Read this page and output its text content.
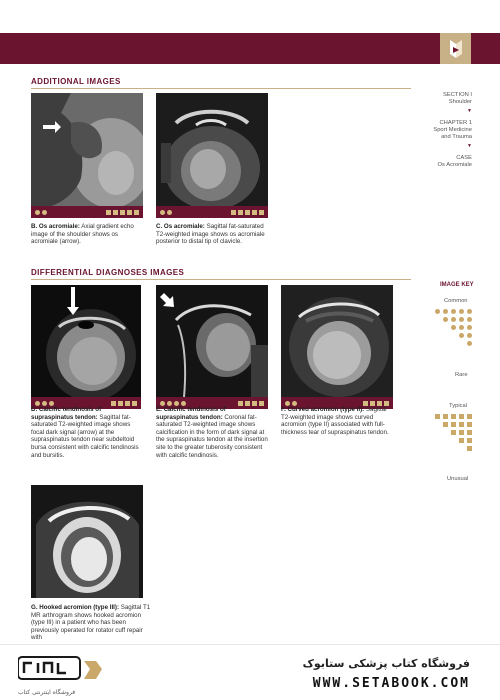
ADDITIONAL IMAGES
B. Os acromiale: Axial gradient echo image of the shoulder shows os acromiale (arrow).
C. Os acromiale: Sagittal fat-saturated T2-weighted image shows os acromiale posterior to distal tip of clavicle.
SECTION I
Shoulder
▼
CHAPTER 1
Sport Medicine
and Trauma
▼
CASE
Os Acromiale
DIFFERENTIAL DIAGNOSES IMAGES
D. Calcific tendinosis of supraspinatus tendon: Sagittal fat-saturated T2-weighted image shows focal dark signal (arrow) at the supraspinatus tendon near subdeltoid bursa consistent with calcific tendinosis and bursitis.
E. Calcific tendinosis of supraspinatus tendon: Coronal fat-saturated T2-weighted image shows calcification in the form of dark signal at the supraspinatus tendon at the insertion site to the greater tuberosity consistent with calcific tendinosis.
F. Curved acromion (type II): Sagittal T2-weighted image shows curved acromion (type II) associated with full-thickness tear of supraspinatus tendon.
G. Hooked acromion (type III): Sagittal T1 MR arthrogram shows hooked acromion (type III) in a patient who has been previously operated for rotator cuff repair with
IMAGE KEY
Common
Rare
Typical
Unusual
فروشگاه اینترنتی کتاب
فروشگاه کتاب پزشکی ستابوک
WWW.SETABOOK.COM
